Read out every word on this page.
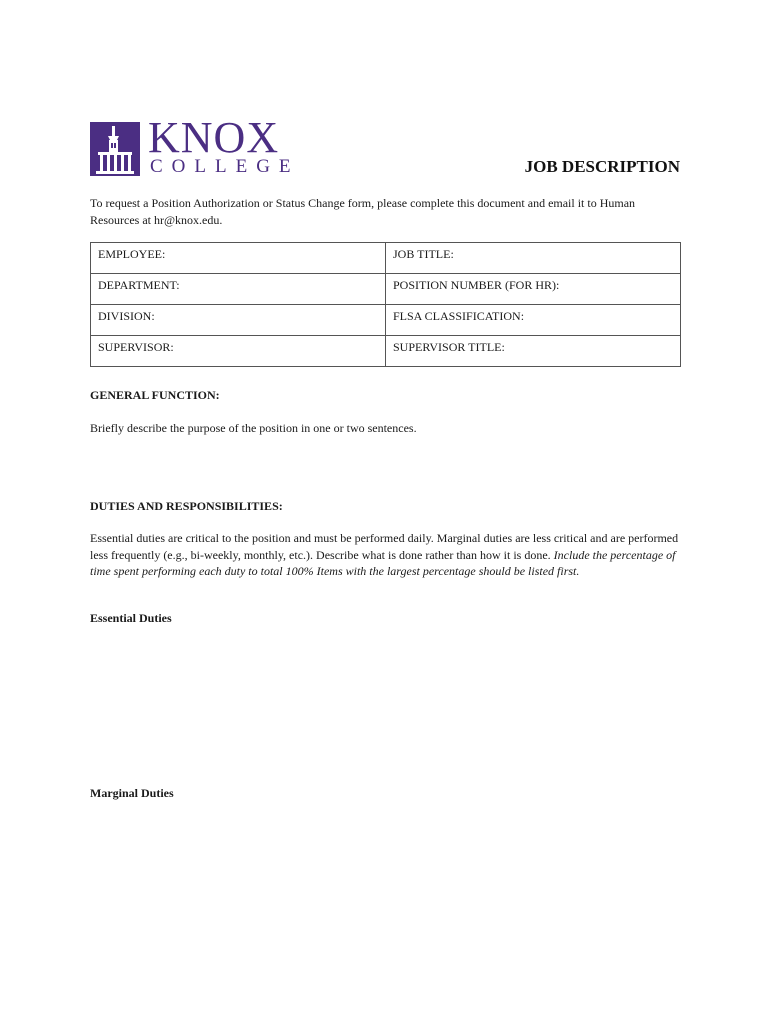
KNOX
COLLEGE	JOB DESCRIPTION
To request a Position Authorization or Status Change form, please complete this document and email it to Human Resources at hr@knox.edu.
EMPLOYEE:	JOB TITLE:
DEPARTMENT:	POSITION NUMBER (FOR HR):
DIVISION:	FLSA CLASSIFICATION:
SUPERVISOR:	SUPERVISOR TITLE:
GENERAL FUNCTION:
Briefly describe the purpose of the position in one or two sentences.
DUTIES AND RESPONSIBILITIES:
Essential duties are critical to the position and must be performed daily. Marginal duties are less critical and are performed less frequently (e.g., bi-weekly, monthly, etc.). Describe what is done rather than how it is done. Include the percentage of time spent performing each duty to total 100% Items with the largest percentage should be listed first.
Essential Duties
Marginal Duties
